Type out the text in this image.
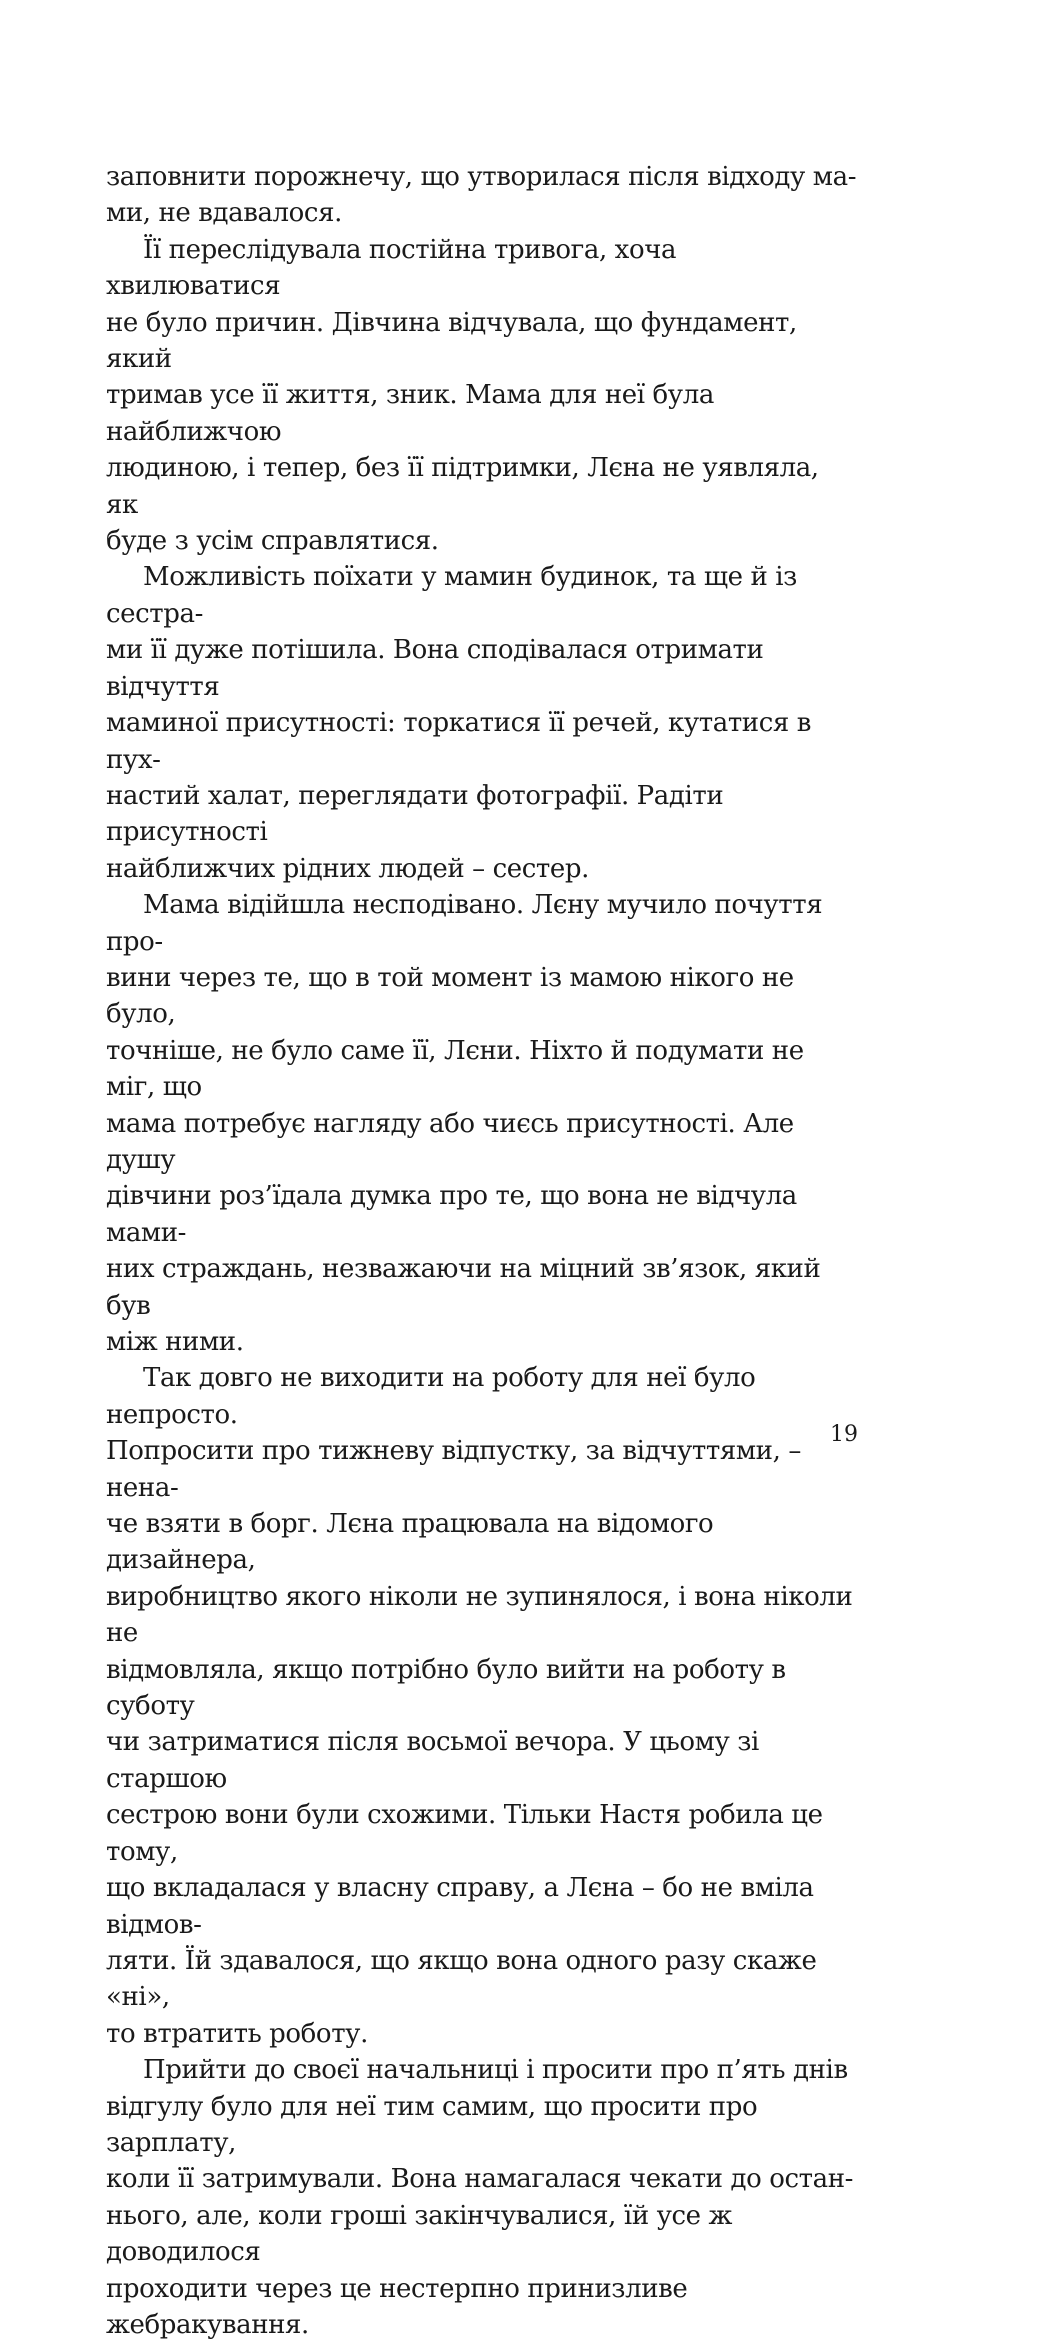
заповнити порожнечу, що утворилася після відходу ма-
ми, не вдавалося.

Її переслідувала постійна тривога, хоча хвилюватися
не було причин. Дівчина відчувала, що фундамент, який
тримав усе її життя, зник. Мама для неї була найближчою
людиною, і тепер, без її підтримки, Лєна не уявляла, як
буде з усім справлятися.

Можливість поїхати у мамин будинок, та ще й із сестра-
ми її дуже потішила. Вона сподівалася отримати відчуття
маминої присутності: торкатися її речей, кутатися в пух-
настий халат, переглядати фотографії. Радіти присутності
найближчих рідних людей – сестер.

Мама відійшла несподівано. Лєну мучило почуття про-
вини через те, що в той момент із мамою нікого не було,
точніше, не було саме її, Лєни. Ніхто й подумати не міг, що
мама потребує нагляду або чиєсь присутності. Але душу
дівчини роз’їдала думка про те, що вона не відчула мами-
них страждань, незважаючи на міцний зв’язок, який був
між ними.

Так довго не виходити на роботу для неї було непросто.
Попросити про тижневу відпустку, за відчуттями, – нена-
че взяти в борг. Лєна працювала на відомого дизайнера,
виробництво якого ніколи не зупинялося, і вона ніколи не
відмовляла, якщо потрібно було вийти на роботу в суботу
чи затриматися після восьмої вечора. У цьому зі старшою
сестрою вони були схожими. Тільки Настя робила це тому,
що вкладалася у власну справу, а Лєна – бо не вміла відмов-
ляти. Їй здавалося, що якщо вона одного разу скаже «ні»,
то втратить роботу.

Прийти до своєї начальниці і просити про п’ять днів
відгулу було для неї тим самим, що просити про зарплату,
коли її затримували. Вона намагалася чекати до остан-
нього, але, коли гроші закінчувалися, їй усе ж доводилося
проходити через це нестерпно принизливе жебракування.

19
